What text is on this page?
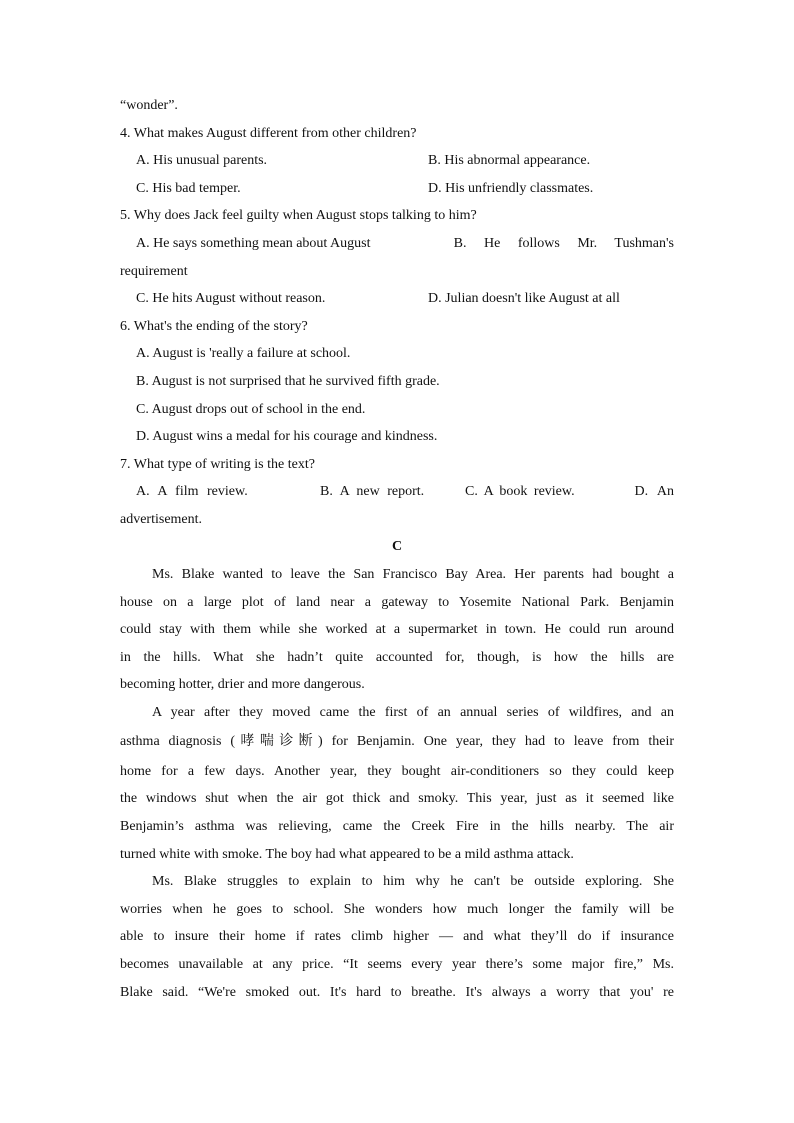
“wonder”.
4. What makes August different from other children?
A. His unusual parents.	B. His abnormal appearance.
C. His bad temper.	D. His unfriendly classmates.
5. Why does Jack feel guilty when August stops talking to him?
A. He says something mean about August	B. He follows Mr. Tushman's
requirement
C. He hits August without reason.	D. Julian doesn't like August at all
6. What's the ending of the story?
A. August is 'really a failure at school.
B. August is not surprised that he survived fifth grade.
C. August drops out of school in the end.
D. August wins a medal for his courage and kindness.
7. What type of writing is the text?
A. A film review.	B. A new report.	C. A book review.	D. An
advertisement.
C
Ms. Blake wanted to leave the San Francisco Bay Area. Her parents had bought a
house on a large plot of land near a gateway to Yosemite National Park. Benjamin
could stay with them while she worked at a supermarket in town. He could run around
in the hills. What she hadn’t quite accounted for, though, is how the hills are
becoming hotter, drier and more dangerous.
A year after they moved came the first of an annual series of wildfires, and an
asthma diagnosis (哮喘诊断) for Benjamin. One year, they had to leave from their
home for a few days. Another year, they bought air-conditioners so they could keep
the windows shut when the air got thick and smoky. This year, just as it seemed like
Benjamin’s asthma was relieving, came the Creek Fire in the hills nearby. The air
turned white with smoke. The boy had what appeared to be a mild asthma attack.
Ms. Blake struggles to explain to him why he can't be outside exploring. She
worries when he goes to school. She wonders how much longer the family will be
able to insure their home if rates climb higher — and what they’ll do if insurance
becomes unavailable at any price. “It seems every year there’s some major fire,” Ms.
Blake said. “We're smoked out. It's hard to breathe. It's always a worry that you' re
